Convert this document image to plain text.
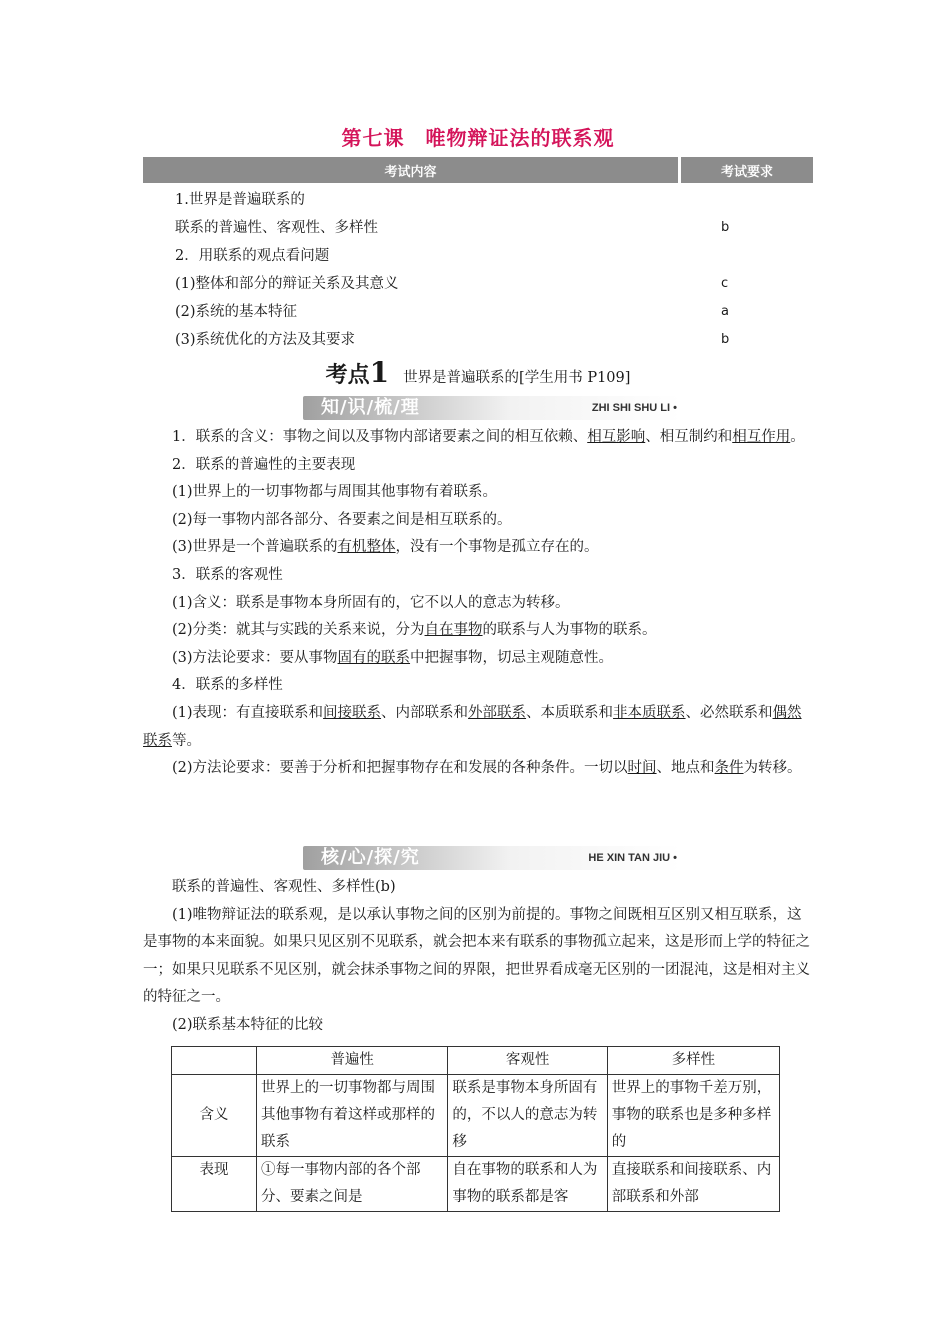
第七课　唯物辩证法的联系观
考试内容	考试要求
1.世界是普遍联系的
联系的普遍性、客观性、多样性	b
2．用联系的观点看问题
(1)整体和部分的辩证关系及其意义	c
(2)系统的基本特征	a
(3)系统优化的方法及其要求	b
考点1 世界是普遍联系的[学生用书 P109]
知/识/梳/理	ZHI SHI SHU LI •

1．联系的含义：事物之间以及事物内部诸要素之间的相互依赖、相互影响、相互制约和相互作用。

2．联系的普遍性的主要表现

(1)世界上的一切事物都与周围其他事物有着联系。

(2)每一事物内部各部分、各要素之间是相互联系的。

(3)世界是一个普遍联系的有机整体，没有一个事物是孤立存在的。

3．联系的客观性

(1)含义：联系是事物本身所固有的，它不以人的意志为转移。

(2)分类：就其与实践的关系来说，分为自在事物的联系与人为事物的联系。

(3)方法论要求：要从事物固有的联系中把握事物，切忌主观随意性。

4．联系的多样性

(1)表现：有直接联系和间接联系、内部联系和外部联系、本质联系和非本质联系、必然联系和偶然联系等。

(2)方法论要求：要善于分析和把握事物存在和发展的各种条件。一切以时间、地点和条件为转移。

核/心/探/究	HE XIN TAN JIU •

联系的普遍性、客观性、多样性(b)

(1)唯物辩证法的联系观，是以承认事物之间的区别为前提的。事物之间既相互区别又相互联系，这是事物的本来面貌。如果只见区别不见联系，就会把本来有联系的事物孤立起来，这是形而上学的特征之一；如果只见联系不见区别，就会抹杀事物之间的界限，把世界看成毫无区别的一团混沌，这是相对主义的特征之一。

(2)联系基本特征的比较

	普遍性	客观性	多样性
含义	世界上的一切事物都与周围其他事物有着这样或那样的联系	联系是事物本身所固有的，不以人的意志为转移	世界上的事物千差万别，事物的联系也是多种多样的
表现	①每一事物内部的各个部分、要素之间是	自在事物的联系和人为事物的联系都是客	直接联系和间接联系、内部联系和外部
